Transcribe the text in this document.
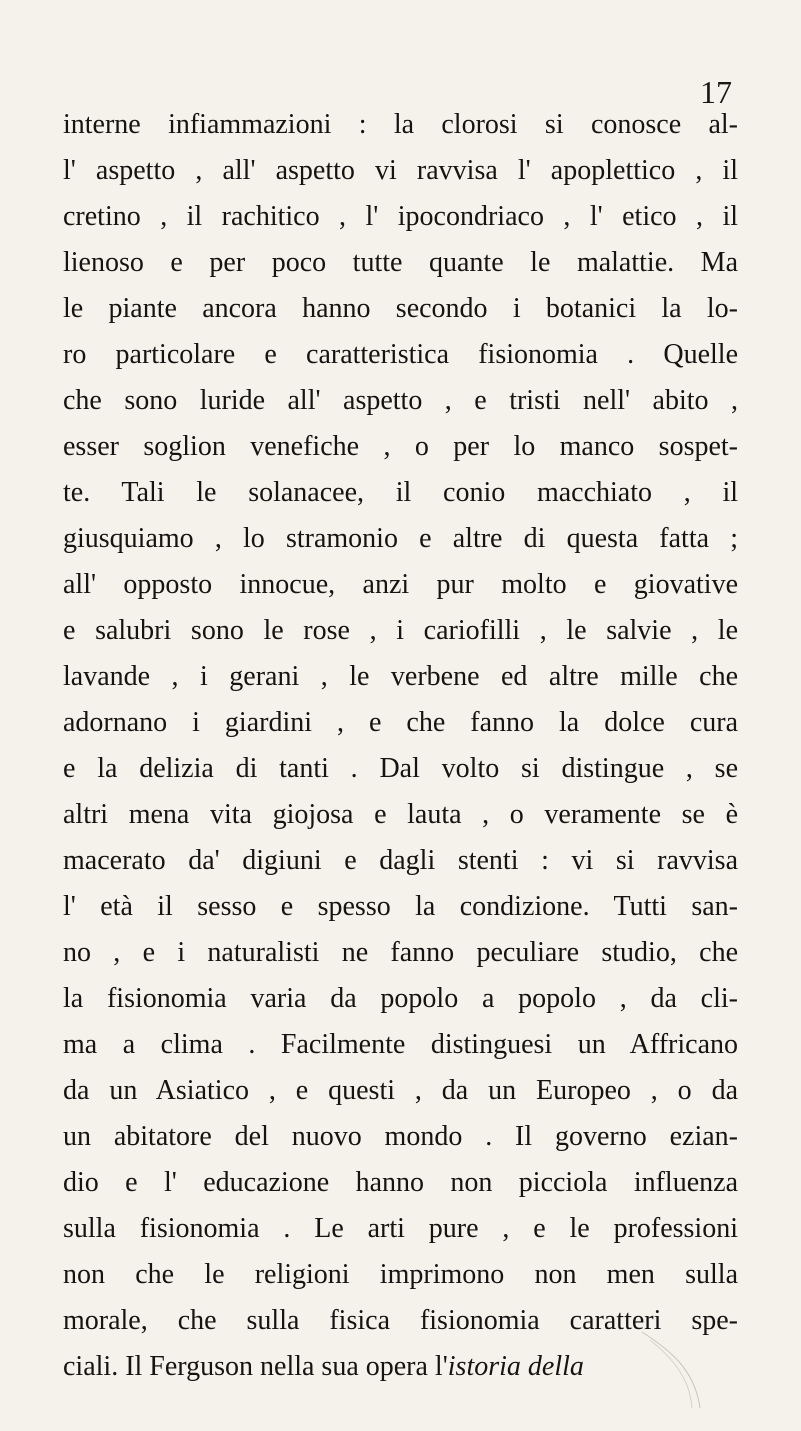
17
interne infiammazioni : la clorosi si conosce al-
l' aspetto , all' aspetto vi ravvisa l' apoplettico , il
cretino , il rachitico , l' ipocondriaco , l' etico , il
lienoso e per poco tutte quante le malattie. Ma
le piante ancora hanno secondo i botanici la lo-
ro particolare e caratteristica fisionomia . Quelle
che sono luride all' aspetto , e tristi nell' abito ,
esser soglion venefiche , o per lo manco sospet-
te. Tali le solanacee, il conio macchiato , il
giusquiamo , lo stramonio e altre di questa fatta ;
all' opposto innocue, anzi pur molto e giovative
e salubri sono le rose , i cariofilli , le salvie , le
lavande , i gerani , le verbene ed altre mille che
adornano i giardini , e che fanno la dolce cura
e la delizia di tanti . Dal volto si distingue , se
altri mena vita giojosa e lauta , o veramente se è
macerato da' digiuni e dagli stenti : vi si ravvisa
l' età il sesso e spesso la condizione. Tutti san-
no , e i naturalisti ne fanno peculiare studio, che
la fisionomia varia da popolo a popolo , da cli-
ma a clima . Facilmente distinguesi un Affricano
da un Asiatico , e questi , da un Europeo , o da
un abitatore del nuovo mondo . Il governo ezian-
dio e l' educazione hanno non picciola influenza
sulla fisionomia . Le arti pure , e le professioni
non che le religioni imprimono non men sulla
morale, che sulla fisica fisionomia caratteri spe-
ciali. Il Ferguson nella sua opera l'istoria della
